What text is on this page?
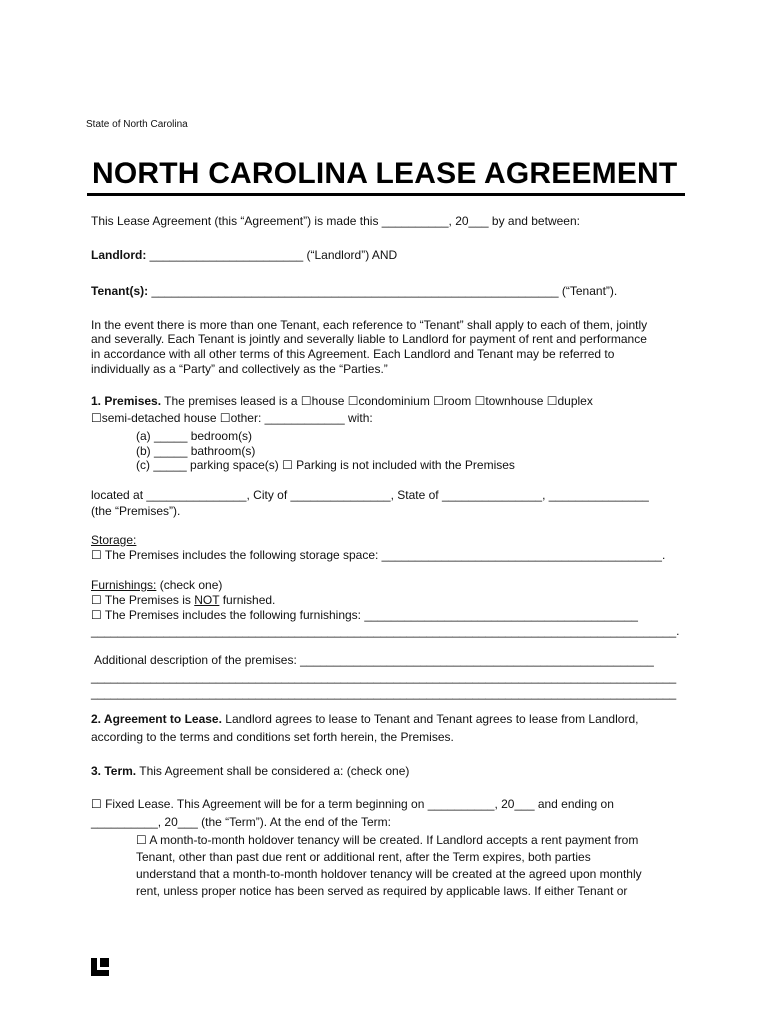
State of North Carolina
NORTH CAROLINA LEASE AGREEMENT
This Lease Agreement (this “Agreement”) is made this __________, 20___ by and between:
Landlord: _______________________ (“Landlord”) AND
Tenant(s): _____________________________________________________________ (“Tenant”).
In the event there is more than one Tenant, each reference to “Tenant” shall apply to each of them, jointly
and severally. Each Tenant is jointly and severally liable to Landlord for payment of rent and performance
in accordance with all other terms of this Agreement. Each Landlord and Tenant may be referred to
individually as a “Party” and collectively as the “Parties.”
1. Premises. The premises leased is a ☐house ☐condominium ☐room ☐townhouse ☐duplex
☐semi-detached house ☐other: ____________ with:
(a) _____ bedroom(s)
(b) _____ bathroom(s)
(c) _____ parking space(s) ☐ Parking is not included with the Premises
located at _______________, City of _______________, State of _______________, _______________
(the “Premises”).
Storage:
☐ The Premises includes the following storage space: __________________________________________.
Furnishings: (check one)
☐ The Premises is NOT furnished.
☐ The Premises includes the following furnishings: _________________________________________
_________________________________________________________________________________________.
Additional description of the premises: _____________________________________________________
_________________________________________________________________________________________
_________________________________________________________________________________________
2. Agreement to Lease. Landlord agrees to lease to Tenant and Tenant agrees to lease from Landlord,
according to the terms and conditions set forth herein, the Premises.
3. Term. This Agreement shall be considered a: (check one)
☐ Fixed Lease. This Agreement will be for a term beginning on __________, 20___ and ending on
__________, 20___ (the “Term”). At the end of the Term:
☐ A month-to-month holdover tenancy will be created. If Landlord accepts a rent payment from
Tenant, other than past due rent or additional rent, after the Term expires, both parties
understand that a month-to-month holdover tenancy will be created at the agreed upon monthly
rent, unless proper notice has been served as required by applicable laws. If either Tenant or
